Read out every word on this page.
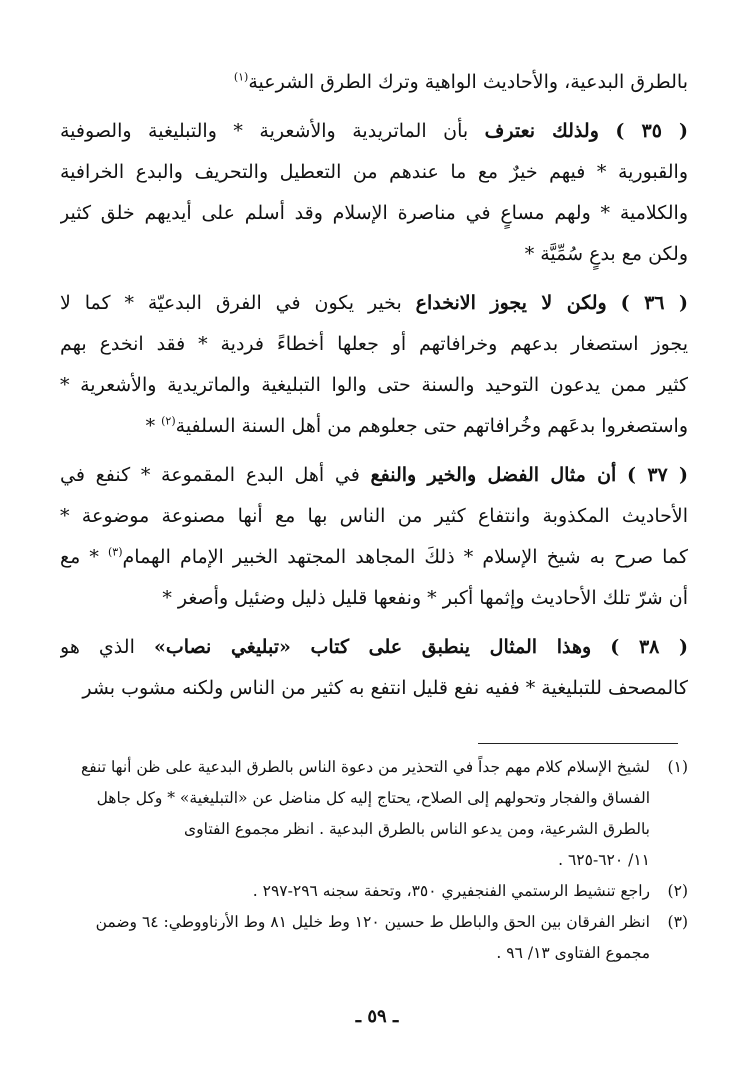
بالطرق البدعية، والأحاديث الواهية وترك الطرق الشرعية$^{(١)}$
( ٣٥ ) ولذلك نعترف بأن الماتريدية والأشعرية * والتبليغية والصوفية
والقبورية * فيهم خيرٌ مع ما عندهم من التعطيل والتحريف والبدع الخرافية
والكلامية * ولهم مساعٍ في مناصرة الإسلام وقد أسلم على أيديهم خلق كثير
ولكن مع بدعٍ سُمِّيَّة *
( ٣٦ ) ولكن لا يجوز الانخداع بخير يكون في الفرق البدعيّة * كما لا
يجوز استصغار بدعهم وخرافاتهم أو جعلها أخطاءً فردية * فقد انخدع بهم
كثير ممن يدعون التوحيد والسنة حتى والوا التبليغية والماتريدية والأشعرية *
واستصغروا بدعَهم وخُرافاتهم حتى جعلوهم من أهل السنة السلفية$^{(٢)}$ *
( ٣٧ ) أن مثال الفضل والخير والنفع في أهل البدع المقموعة * كنفع في
الأحاديث المكذوبة وانتفاع كثير من الناس بها مع أنها مصنوعة موضوعة *
كما صرح به شيخ الإسلام * ذلكَ المجاهد المجتهد الخبير الإمام الهمام$^{(٣)}$ * مع
أن شرّ تلك الأحاديث وإثمها أكبر * ونفعها قليل ذليل وضئيل وأصغر *
( ٣٨ ) وهذا المثال ينطبق على كتاب «تبليغي نصاب» الذي هو
كالمصحف للتبليغية * ففيه نفع قليل انتفع به كثير من الناس ولكنه مشوب بشر
(١)
لشيخ الإسلام كلام مهم جداً في التحذير من دعوة الناس بالطرق البدعية على ظن أنها تنفع
الفساق والفجار وتحولهم إلى الصلاح، يحتاج إليه كل مناضل عن «التبليغية» * وكل جاهل
بالطرق الشرعية، ومن يدعو الناس بالطرق البدعية . انظر مجموع الفتاوى
١١/ ٦٢٠-٦٢٥ .
(٢)
راجع تنشيط الرستمي الفنجفيري ٣٥٠، وتحفة سجنه ٢٩٦-٢٩٧ .
(٣)
انظر الفرقان بين الحق والباطل ط حسين ١٢٠ وط خليل ٨١ وط الأرناووطي: ٦٤ وضمن
مجموع الفتاوى ١٣/ ٩٦ .
ـ ٥٩ ـ
